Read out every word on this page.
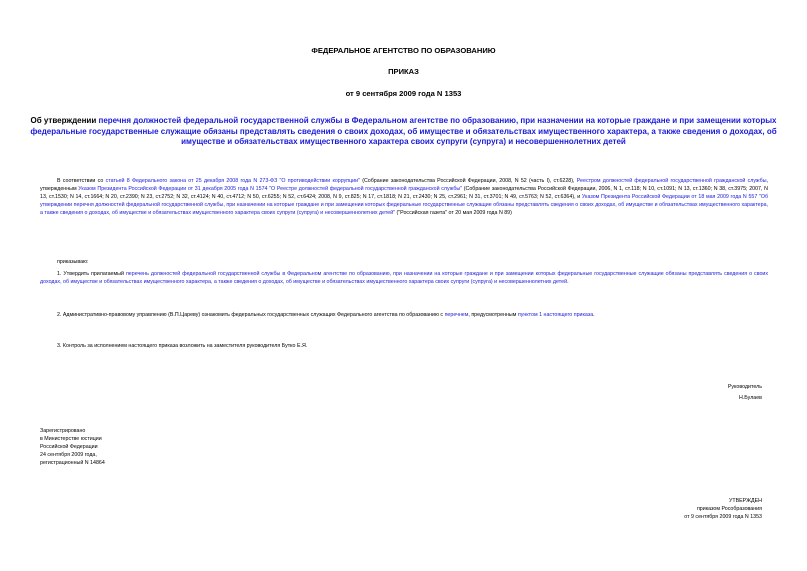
ФЕДЕРАЛЬНОЕ АГЕНТСТВО ПО ОБРАЗОВАНИЮ
ПРИКАЗ
от 9 сентября 2009 года N 1353
Об утверждении перечня должностей федеральной государственной службы в Федеральном агентстве по образованию, при назначении на которые граждане и при замещении которых федеральные государственные служащие обязаны представлять сведения о своих доходах, об имуществе и обязательствах имущественного характера, а также сведения о доходах, об имуществе и обязательствах имущественного характера своих супруги (супруга) и несовершеннолетних детей

В соответствии со статьей 8 Федерального закона от 25 декабря 2008 года N 273-ФЗ "О противодействии коррупции" (Собрание законодательства Российской Федерации, 2008, N 52 (часть I), ст.6228), Реестром должностей федеральной государственной гражданской службы, утвержденным Указом Президента Российской Федерации от 31 декабря 2005 года N 1574 "О Реестре должностей федеральной государственной гражданской службы" (Собрание законодательства Российской Федерации, 2006, N 1, ст.118; N 10, ст.1091; N 13, ст.1360; N 38, ст.3975; 2007, N 13, ст.1530; N 14, ст.1664; N 20, ст.2390; N 23, ст.2752; N 32, ст.4124; N 40, ст.4712; N 50, ст.6255; N 52, ст.6424; 2008, N 9, ст.825; N 17, ст.1818; N 21, ст.2430; N 25, ст.2961; N 31, ст.3701; N 49, ст.5763; N 52, ст.6364), и Указом Президента Российской Федерации от 18 мая 2009 года N 557 "Об утверждении перечня должностей федеральной государственной службы, при назначении на которые граждане и при замещении которых федеральные государственные служащие обязаны представлять сведения о своих доходах, об имуществе и обязательствах имущественного характера, а также сведения о доходах, об имуществе и обязательствах имущественного характера своих супруги (супруга) и несовершеннолетних детей" ("Российская газета" от 20 мая 2009 года N 89)

приказываю:

1. Утвердить прилагаемый перечень должностей федеральной государственной службы в Федеральном агентстве по образованию, при назначении на которые граждане и при замещении которых федеральные государственные служащие обязаны представлять сведения о своих доходах, об имуществе и обязательствах имущественного характера, а также сведения о доходах, об имуществе и обязательствах имущественного характера своих супруги (супруга) и несовершеннолетних детей.

2. Административно-правовому управлению (В.П.Цареву) ознакомить федеральных государственных служащих Федерального агентства по образованию с перечнем, предусмотренным пунктом 1 настоящего приказа.

3. Контроль за исполнением настоящего приказа возложить на заместителя руководителя Бутко Е.Я.

Руководитель
Н.Булаев
Зарегистрировано
в Министерстве юстиции
Российской Федерации
24 сентября 2009 года,
регистрационный N 14864
УТВЕРЖДЕН
приказом Рособразования
от 9 сентября 2009 года N 1353
